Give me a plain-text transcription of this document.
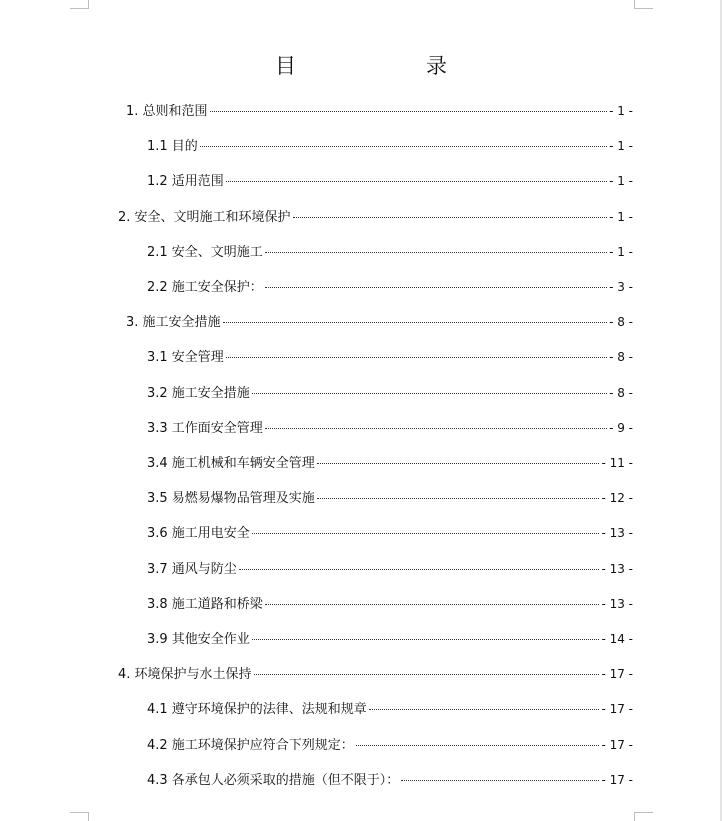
目	录
1. 总则和范围	- 1 -
1.1 目的	- 1 -
1.2 适用范围	- 1 -
2. 安全、文明施工和环境保护	- 1 -
2.1 安全、文明施工	- 1 -
2.2 施工安全保护：	- 3 -
3. 施工安全措施	- 8 -
3.1 安全管理	- 8 -
3.2 施工安全措施	- 8 -
3.3 工作面安全管理	- 9 -
3.4 施工机械和车辆安全管理	- 11 -
3.5 易燃易爆物品管理及实施	- 12 -
3.6 施工用电安全	- 13 -
3.7 通风与防尘	- 13 -
3.8 施工道路和桥梁	- 13 -
3.9 其他安全作业	- 14 -
4. 环境保护与水土保持	- 17 -
4.1 遵守环境保护的法律、法规和规章	- 17 -
4.2 施工环境保护应符合下列规定：	- 17 -
4.3 各承包人必须采取的措施（但不限于）：	- 17 -
